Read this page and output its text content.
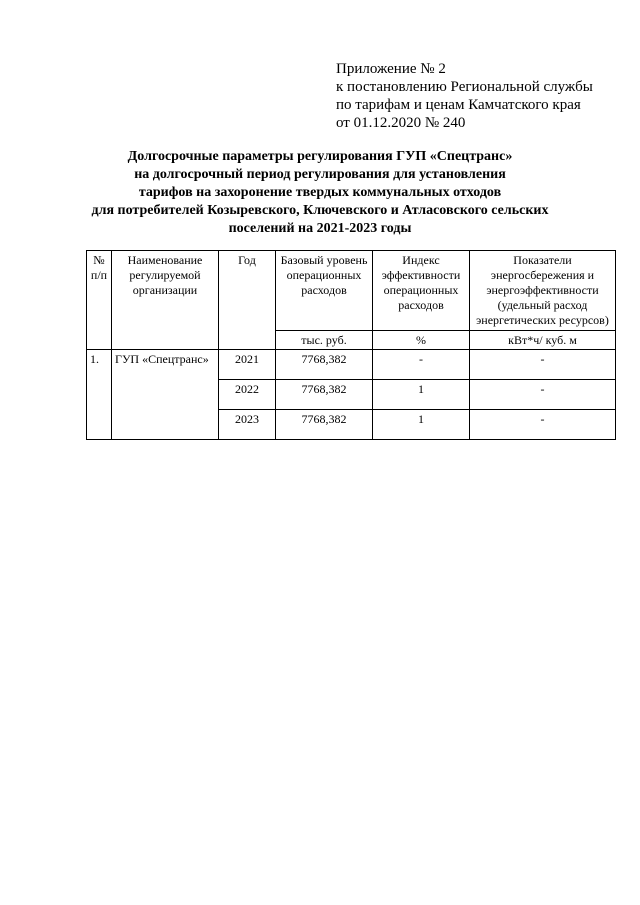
Приложение № 2
к постановлению Региональной службы
по тарифам и ценам Камчатского края
от 01.12.2020 № 240
Долгосрочные параметры регулирования ГУП «Спецтранс»
на долгосрочный период регулирования для установления
тарифов на захоронение твердых коммунальных отходов
для потребителей Козыревского, Ключевского и Атласовского сельских
поселений на 2021-2023 годы
№ п/п	Наименование регулируемой организации	Год	Базовый уровень операционных расходов	Индекс эффективности операционных расходов	Показатели энергосбережения и энергоэффективности (удельный расход энергетических ресурсов)
			тыс. руб.	%	кВт*ч/ куб. м
1.	ГУП «Спецтранс»	2021	7768,382	-	-
		2022	7768,382	1	-
		2023	7768,382	1	-
